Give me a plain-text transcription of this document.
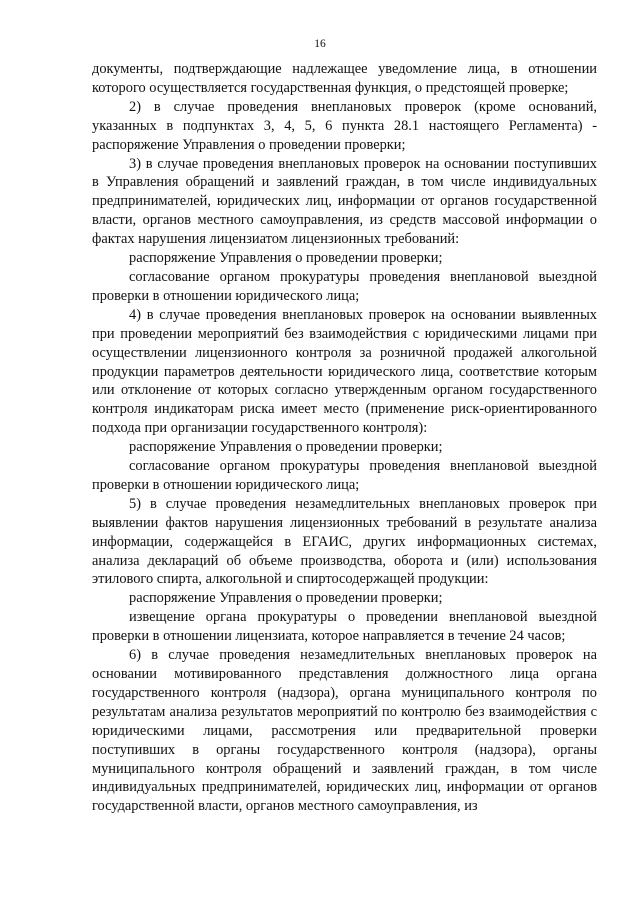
16

документы, подтверждающие надлежащее уведомление лица, в отношении которого осуществляется государственная функция, о предстоящей проверке;

2) в случае проведения внеплановых проверок (кроме оснований, указанных в подпунктах 3, 4, 5, 6 пункта 28.1 настоящего Регламента) - распоряжение Управления о проведении проверки;

3) в случае проведения внеплановых проверок на основании поступивших в Управления обращений и заявлений граждан, в том числе индивидуальных предпринимателей, юридических лиц, информации от органов государственной власти, органов местного самоуправления, из средств массовой информации о фактах нарушения лицензиатом лицензионных требований:

распоряжение Управления о проведении проверки;

согласование органом прокуратуры проведения внеплановой выездной проверки в отношении юридического лица;

4) в случае проведения внеплановых проверок на основании выявленных при проведении мероприятий без взаимодействия с юридическими лицами при осуществлении лицензионного контроля за розничной продажей алкогольной продукции параметров деятельности юридического лица, соответствие которым или отклонение от которых согласно утвержденным органом государственного контроля индикаторам риска имеет место (применение риск-ориентированного подхода при организации государственного контроля):

распоряжение Управления о проведении проверки;

согласование органом прокуратуры проведения внеплановой выездной проверки в отношении юридического лица;

5) в случае проведения незамедлительных внеплановых проверок при выявлении фактов нарушения лицензионных требований в результате анализа информации, содержащейся в ЕГАИС, других информационных системах, анализа деклараций об объеме производства, оборота и (или) использования этилового спирта, алкогольной и спиртосодержащей продукции:

распоряжение Управления о проведении проверки;

извещение органа прокуратуры о проведении внеплановой выездной проверки в отношении лицензиата, которое направляется в течение 24 часов;

6) в случае проведения незамедлительных внеплановых проверок на основании мотивированного представления должностного лица органа государственного контроля (надзора), органа муниципального контроля по результатам анализа результатов мероприятий по контролю без взаимодействия с юридическими лицами, рассмотрения или предварительной проверки поступивших в органы государственного контроля (надзора), органы муниципального контроля обращений и заявлений граждан, в том числе индивидуальных предпринимателей, юридических лиц, информации от органов государственной власти, органов местного самоуправления, из
